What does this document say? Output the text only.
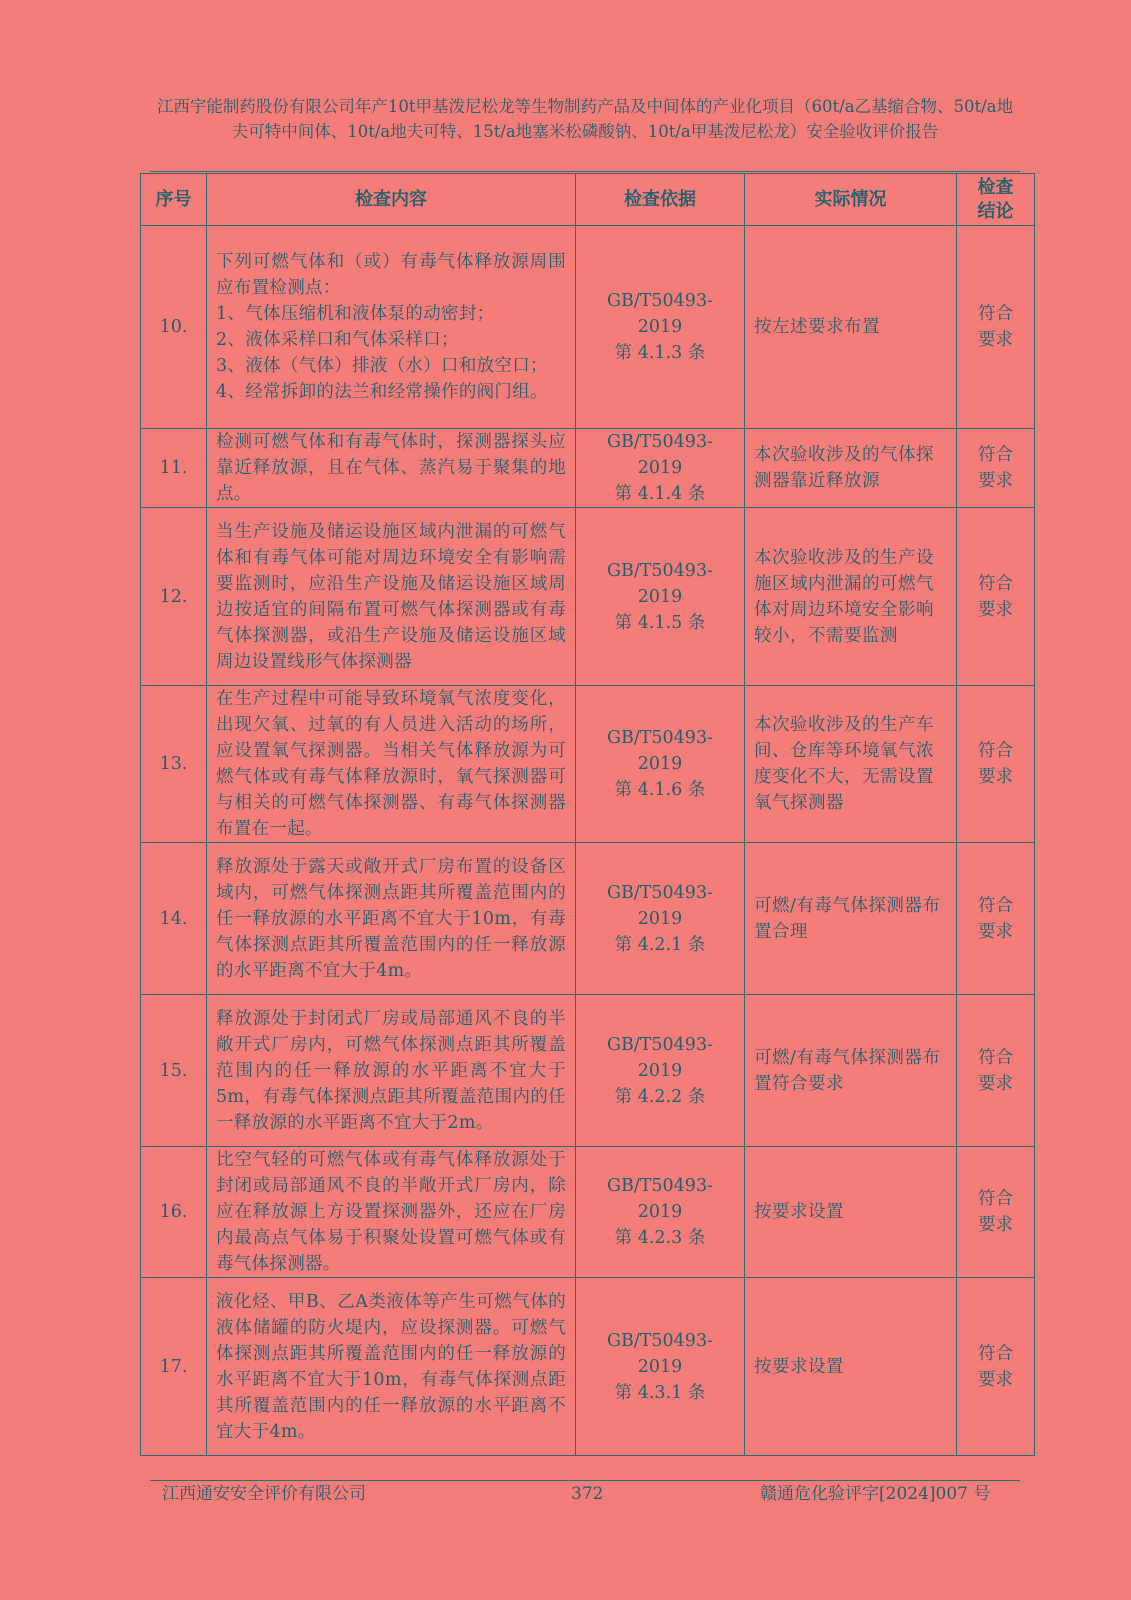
江西宇能制药股份有限公司年产10t甲基泼尼松龙等生物制药产品及中间体的产业化项目（60t/a乙基缩合物、50t/a地夫可特中间体、10t/a地夫可特、15t/a地塞米松磷酸钠、10t/a甲基泼尼松龙）安全验收评价报告
序号	检查内容	检查依据	实际情况	检查结论
10.	下列可燃气体和（或）有毒气体释放源周围应布置检测点：
1、气体压缩机和液体泵的动密封；
2、液体采样口和气体采样口；
3、液体（气体）排液（水）口和放空口；
4、经常拆卸的法兰和经常操作的阀门组。	GB/T50493-2019
第 4.1.3 条	按左述要求布置	符合
要求
11.	检测可燃气体和有毒气体时，探测器探头应靠近释放源，且在气体、蒸汽易于聚集的地点。	GB/T50493-2019
第 4.1.4 条	本次验收涉及的气体探测器靠近释放源	符合
要求
12.	当生产设施及储运设施区域内泄漏的可燃气体和有毒气体可能对周边环境安全有影响需要监测时，应沿生产设施及储运设施区域周边按适宜的间隔布置可燃气体探测器或有毒气体探测器，或沿生产设施及储运设施区域周边设置线形气体探测器	GB/T50493-2019
第 4.1.5 条	本次验收涉及的生产设施区域内泄漏的可燃气体对周边环境安全影响较小，不需要监测	符合
要求
13.	在生产过程中可能导致环境氧气浓度变化，出现欠氧、过氧的有人员进入活动的场所，应设置氧气探测器。当相关气体释放源为可燃气体或有毒气体释放源时，氧气探测器可与相关的可燃气体探测器、有毒气体探测器布置在一起。	GB/T50493-2019
第 4.1.6 条	本次验收涉及的生产车间、仓库等环境氧气浓度变化不大，无需设置氧气探测器	符合
要求
14.	释放源处于露天或敞开式厂房布置的设备区域内，可燃气体探测点距其所覆盖范围内的任一释放源的水平距离不宜大于10m，有毒气体探测点距其所覆盖范围内的任一释放源的水平距离不宜大于4m。	GB/T50493-2019
第 4.2.1 条	可燃/有毒气体探测器布置合理	符合
要求
15.	释放源处于封闭式厂房或局部通风不良的半敞开式厂房内，可燃气体探测点距其所覆盖范围内的任一释放源的水平距离不宜大于5m，有毒气体探测点距其所覆盖范围内的任一释放源的水平距离不宜大于2m。	GB/T50493-2019
第 4.2.2 条	可燃/有毒气体探测器布置符合要求	符合
要求
16.	比空气轻的可燃气体或有毒气体释放源处于封闭或局部通风不良的半敞开式厂房内，除应在释放源上方设置探测器外，还应在厂房内最高点气体易于积聚处设置可燃气体或有毒气体探测器。	GB/T50493-2019
第 4.2.3 条	按要求设置	符合
要求
17.	液化烃、甲B、乙A类液体等产生可燃气体的液体储罐的防火堤内，应设探测器。可燃气体探测点距其所覆盖范围内的任一释放源的水平距离不宜大于10m，有毒气体探测点距其所覆盖范围内的任一释放源的水平距离不宜大于4m。	GB/T50493-2019
第 4.3.1 条	按要求设置	符合
要求
江西通安安全评价有限公司	372	赣通危化验评字[2024]007 号
